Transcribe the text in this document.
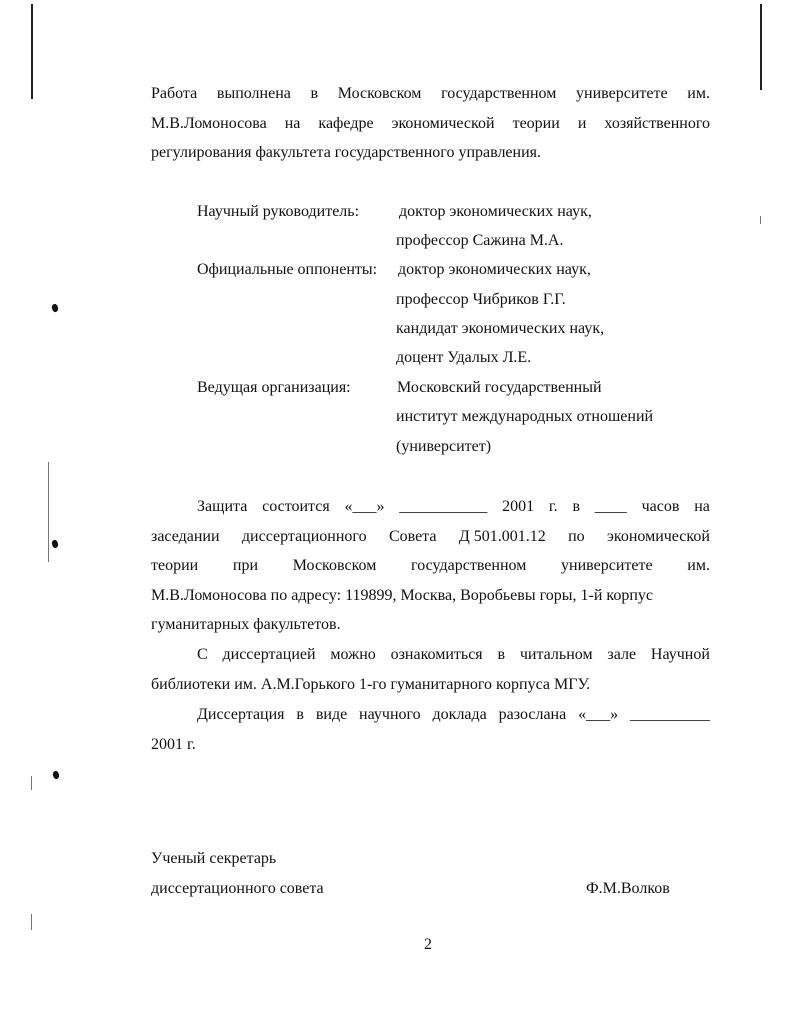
Работа выполнена в Московском государственном университете им.
М.В.Ломоносова на кафедре экономической теории и хозяйственного
регулирования факультета государственного управления.
Научный руководитель: доктор экономических наук,
профессор Сажина М.А.
Официальные оппоненты: доктор экономических наук,
профессор Чибриков Г.Г.
кандидат экономических наук,
доцент Удалых Л.Е.
Ведущая организация:	Московский государственный
институт международных отношений
(университет)
Защита состоится «___» ___________ 2001 г. в ____ часов на
заседании диссертационного Совета Д 501.001.12 по экономической
теории при Московском государственном университете им.
М.В.Ломоносова по адресу: 119899, Москва, Воробьевы горы, 1-й корпус
гуманитарных факультетов.
С диссертацией можно ознакомиться в читальном зале Научной
библиотеки им. А.М.Горького 1-го гуманитарного корпуса МГУ.
Диссертация в виде научного доклада разослана «___» __________
2001 г.
Ученый секретарь
диссертационного совета	Ф.М.Волков
2
